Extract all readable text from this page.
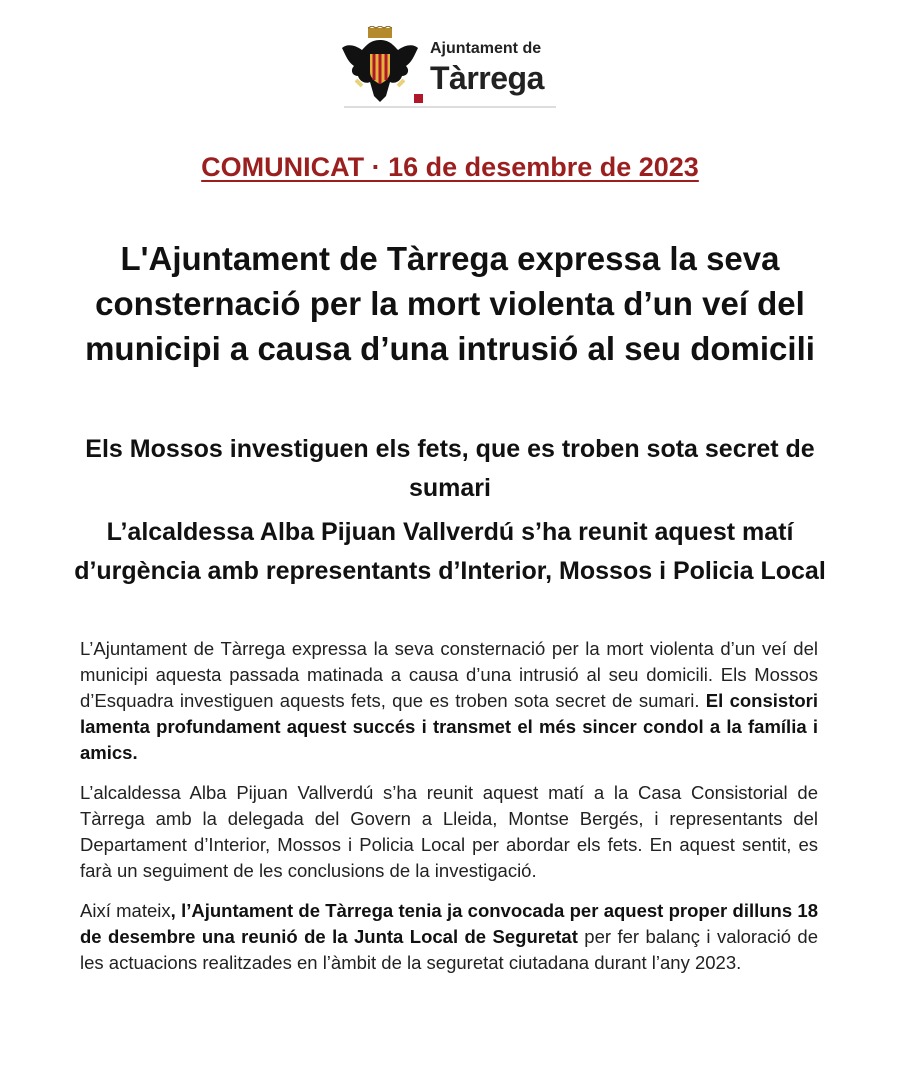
Ajuntament de
Tàrrega
COMUNICAT · 16 de desembre de 2023
L'Ajuntament de Tàrrega expressa la seva consternació per la mort violenta d’un veí del municipi a causa d’una intrusió al seu domicili
Els Mossos investiguen els fets, que es troben sota secret de sumari
L’alcaldessa Alba Pijuan Vallverdú s’ha reunit aquest matí d’urgència amb representants d’Interior, Mossos i Policia Local

L’Ajuntament de Tàrrega expressa la seva consternació per la mort violenta d’un veí del municipi aquesta passada matinada a causa d’una intrusió al seu domicili. Els Mossos d’Esquadra investiguen aquests fets, que es troben sota secret de sumari. El consistori lamenta profundament aquest succés i transmet el més sincer condol a la família i amics.

L’alcaldessa Alba Pijuan Vallverdú s’ha reunit aquest matí a la Casa Consistorial de Tàrrega amb la delegada del Govern a Lleida, Montse Bergés, i representants del Departament d’Interior, Mossos i Policia Local per abordar els fets. En aquest sentit, es farà un seguiment de les conclusions de la investigació.

Així mateix, l’Ajuntament de Tàrrega tenia ja convocada per aquest proper dilluns 18 de desembre una reunió de la Junta Local de Seguretat per fer balanç i valoració de les actuacions realitzades en l’àmbit de la seguretat ciutadana durant l’any 2023.
